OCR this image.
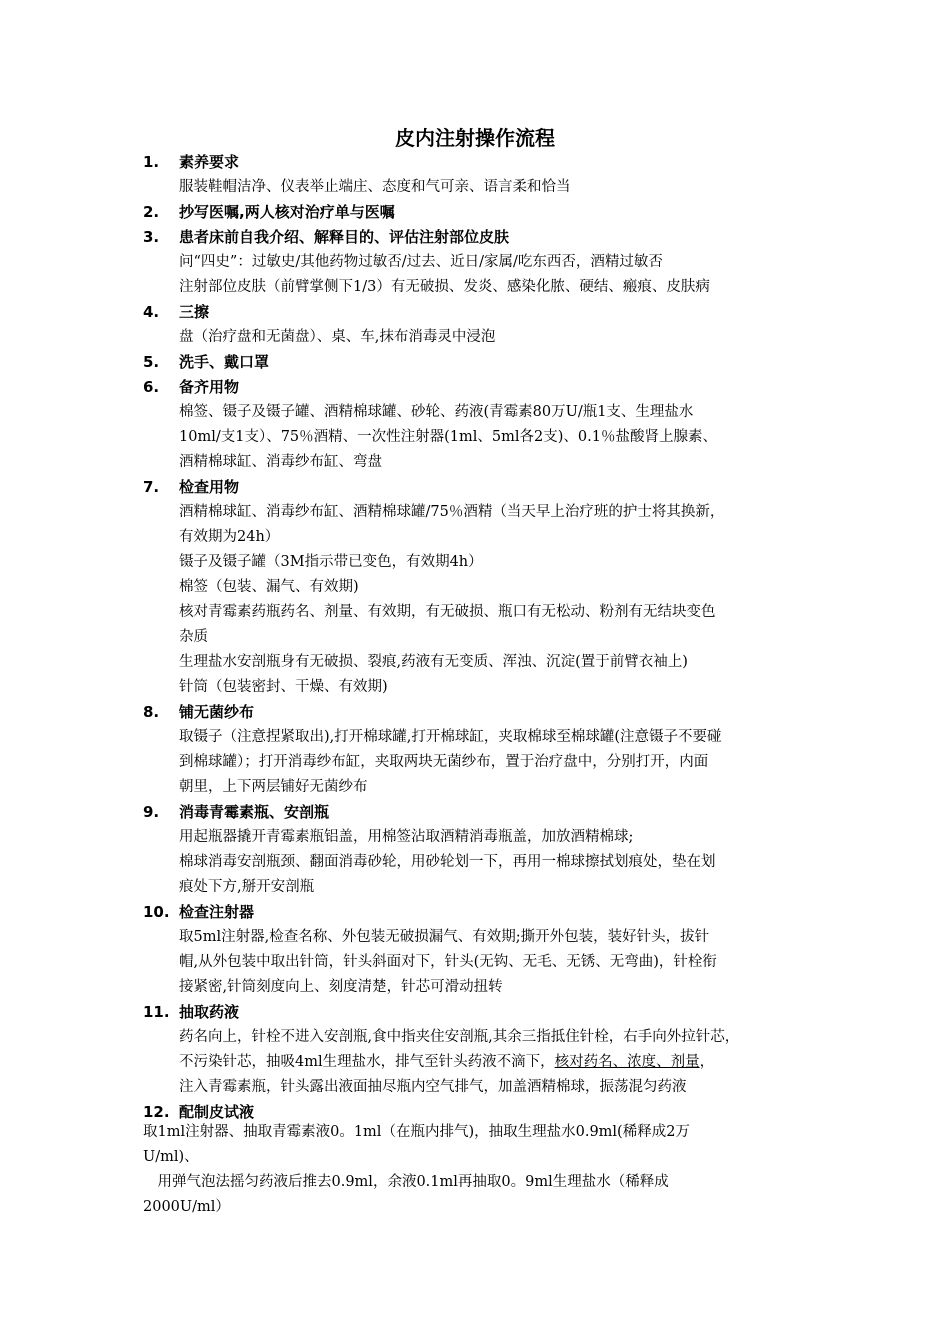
皮内注射操作流程
1. 素养要求
服装鞋帽洁净、仪表举止端庄、态度和气可亲、语言柔和恰当
2. 抄写医嘱,两人核对治疗单与医嘱
3. 患者床前自我介绍、解释目的、评估注射部位皮肤
问“四史”：过敏史/其他药物过敏否/过去、近日/家属/吃东西否，酒精过敏否
注射部位皮肤（前臂掌侧下1/3）有无破损、发炎、感染化脓、硬结、瘢痕、皮肤病
4. 三擦
盘（治疗盘和无菌盘）、桌、车,抹布消毒灵中浸泡
5. 洗手、戴口罩
6. 备齐用物
棉签、镊子及镊子罐、酒精棉球罐、砂轮、药液(青霉素80万U/瓶1支、生理盐水
10ml/支1支）、75％酒精、一次性注射器(1ml、5ml各2支)、0.1％盐酸肾上腺素、
酒精棉球缸、消毒纱布缸、弯盘
7. 检查用物
酒精棉球缸、消毒纱布缸、酒精棉球罐/75％酒精（当天早上治疗班的护士将其换新，
有效期为24h）
镊子及镊子罐（3M指示带已变色，有效期4h）
棉签（包装、漏气、有效期)
核对青霉素药瓶药名、剂量、有效期，有无破损、瓶口有无松动、粉剂有无结块变色
杂质
生理盐水安剖瓶身有无破损、裂痕,药液有无变质、浑浊、沉淀(置于前臂衣袖上)
针筒（包装密封、干燥、有效期)
8. 铺无菌纱布
取镊子（注意捏紧取出),打开棉球罐,打开棉球缸，夹取棉球至棉球罐(注意镊子不要碰
到棉球罐）；打开消毒纱布缸，夹取两块无菌纱布，置于治疗盘中，分别打开，内面
朝里，上下两层铺好无菌纱布
9. 消毒青霉素瓶、安剖瓶
用起瓶器撬开青霉素瓶铝盖，用棉签沾取酒精消毒瓶盖，加放酒精棉球;
棉球消毒安剖瓶颈、翻面消毒砂轮，用砂轮划一下，再用一棉球擦拭划痕处，垫在划
痕处下方,掰开安剖瓶
10. 检查注射器
取5ml注射器,检查名称、外包装无破损漏气、有效期;撕开外包装，装好针头，拔针
帽,从外包装中取出针筒，针头斜面对下，针头(无钩、无毛、无锈、无弯曲)，针栓衔
接紧密,针筒刻度向上、刻度清楚，针芯可滑动扭转
11. 抽取药液
药名向上，针栓不进入安剖瓶,食中指夹住安剖瓶,其余三指抵住针栓，右手向外拉针芯，
不污染针芯，抽吸4ml生理盐水，排气至针头药液不滴下，核对药名、浓度、剂量，
注入青霉素瓶，针头露出液面抽尽瓶内空气排气，加盖酒精棉球，振荡混匀药液
12. 配制皮试液
取1ml注射器、抽取青霉素液0。1ml（在瓶内排气)，抽取生理盐水0.9ml(稀释成2万
U/ml)、
　用弹气泡法摇匀药液后推去0.9ml，余液0.1ml再抽取0。9ml生理盐水（稀释成
2000U/ml）
